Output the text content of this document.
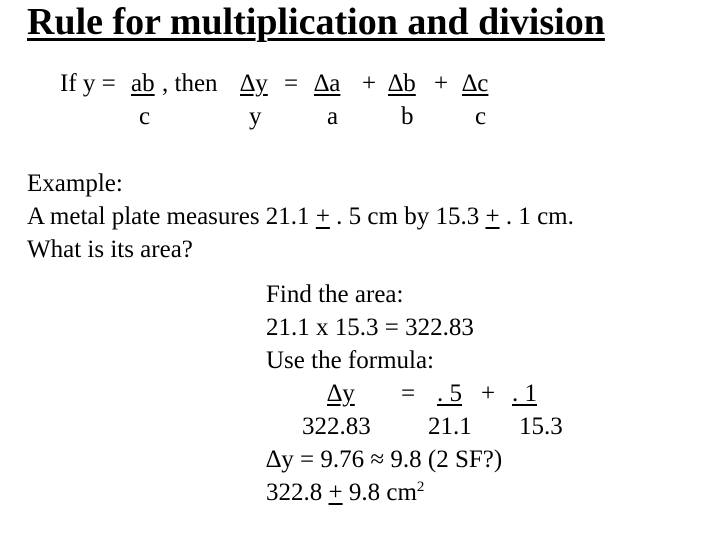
Rule for multiplication and division
If y = ab , then ∆y = ∆a + ∆b + ∆c
c	y	a	b c
Example:
A metal plate measures 21.1 + . 5 cm by 15.3 + . 1 cm.
What is its area?
Find the area:
21.1 x 15.3 = 322.83
Use the formula:
∆y = . 5 + . 1
322.83 21.1 15.3
∆y = 9.76 ≈ 9.8 (2 SF?)
322.8 + 9.8 $cm^2$
